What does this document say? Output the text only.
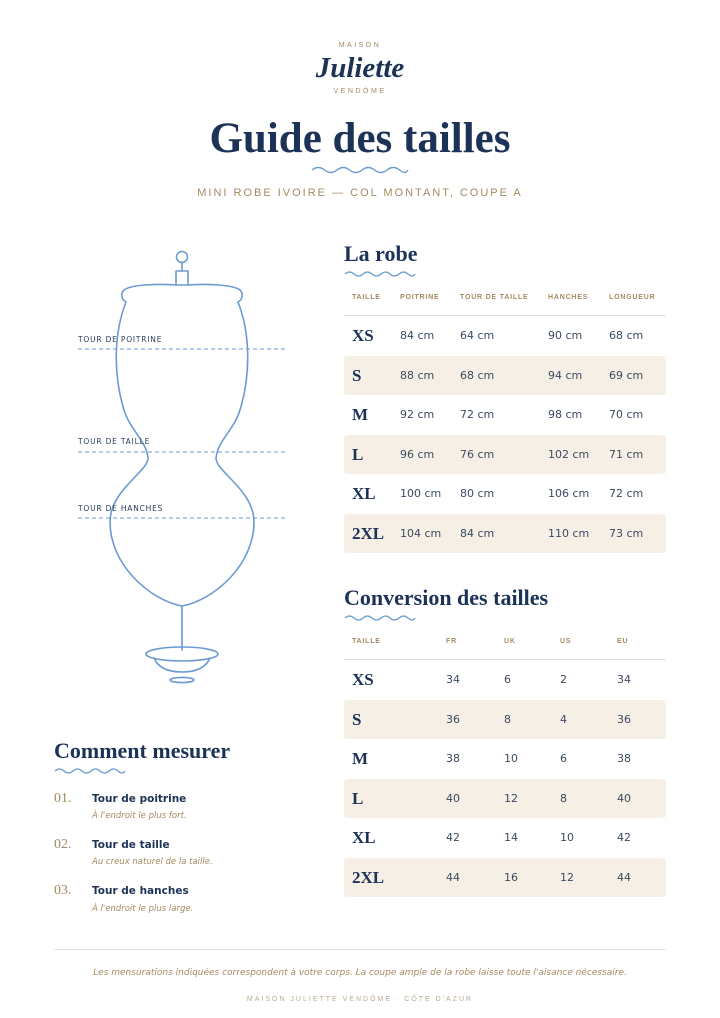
MAISON
Juliette
VENDÔME
Guide des tailles
MINI ROBE IVOIRE — COL MONTANT, COUPE A
TOUR DE POITRINE
TOUR DE TAILLE
TOUR DE HANCHES
La robe
TAILLE	POITRINE	TOUR DE TAILLE	HANCHES	LONGUEUR
XS 84 cm 64 cm	90 cm 68 cm
S	88 cm 68 cm	94 cm 69 cm
M	92 cm 72 cm	98 cm 70 cm
L	96 cm 76 cm	102 cm 71 cm
XL 100 cm 80 cm	106 cm 72 cm
2XL 104 cm 84 cm	110 cm 73 cm
Conversion des tailles
TAILLE	FR	UK	US	EU
XS	34	6	2	34
S	36	8	4	36
M	38	10	6	38
L	40	12	8	40
XL	42	14	10	42
2XL	44	16	12	44
Comment mesurer
01. Tour de poitrine
À l'endroit le plus fort.
02. Tour de taille
Au creux naturel de la taille.
03. Tour de hanches
À l'endroit le plus large.
Les mensurations indiquées correspondent à votre corps. La coupe ample de la robe laisse toute l'aisance nécessaire.
MAISON JULIETTE VENDÔME · CÔTE D'AZUR
